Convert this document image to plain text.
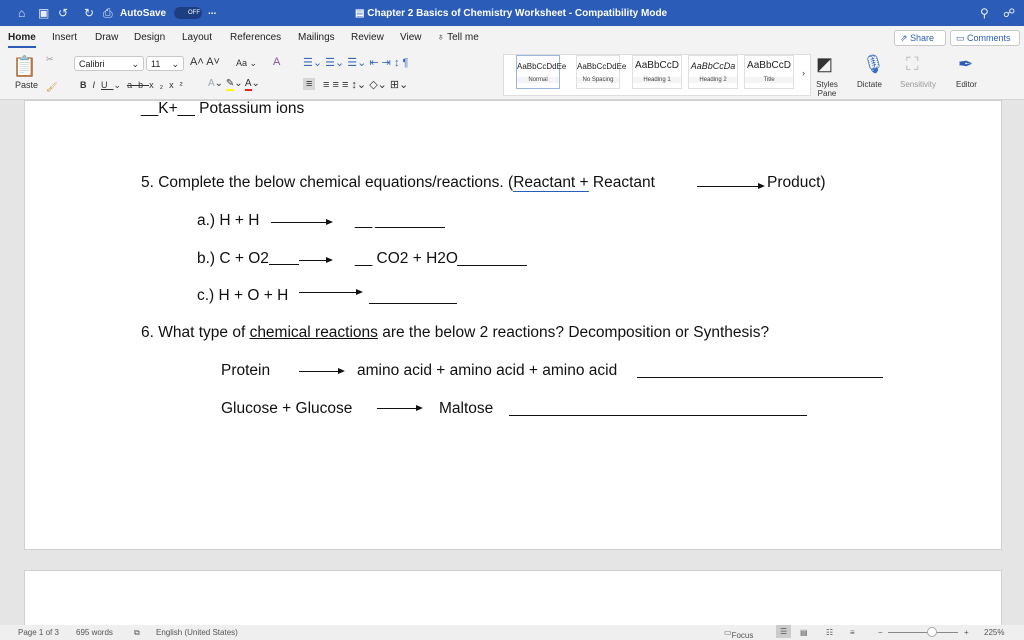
⌂ ▣ ↺ ↻ ⎙ AutoSave	OFF ...	▤ Chapter 2 Basics of Chemistry Worksheet - Compatibility Mode	⚲ ☍
Home Insert Draw Design Layout References Mailings Review View ♁ Tell me	⇗ Share	▭ Comments
📋
Paste
✂
🖌
Calibri	⌄	11 ⌄ A˄ A˅ Aa ⌄ A
BIU⌄abx₂x² A⌄ ✎⌄ A⌄
☰⌄ ☰⌄ ☰⌄ ⇤ ⇥ ↕ ¶
≡ ≡ ≡ ≡ ↕⌄ ◇⌄ ⊞⌄
AaBbCcDdEe
Normal
AaBbCcDdEe
No Spacing
AaBbCcD
Heading 1
AaBbCcDa
Heading 2
AaBbCcD
Title
› ◩
Styles Pane
🎙
Dictate
⛶
Sensitivity
✒
Editor
__K+__ Potassium ions
5. Complete the below chemical equations/reactions. (Reactant + Reactant	Product)
a.) H + H	__
b.) C + O2	__ CO2 + H2O
c.) H + O + H
6. What type of chemical reactions are the below 2 reactions? Decomposition or Synthesis?
Protein	amino acid + amino acid + amino acid
Glucose + Glucose	Maltose
Page 1 of 3 695 words	⧉ English (United States)	▭ Focus	☰	▤ ☷ ≡	−	+ 225%
